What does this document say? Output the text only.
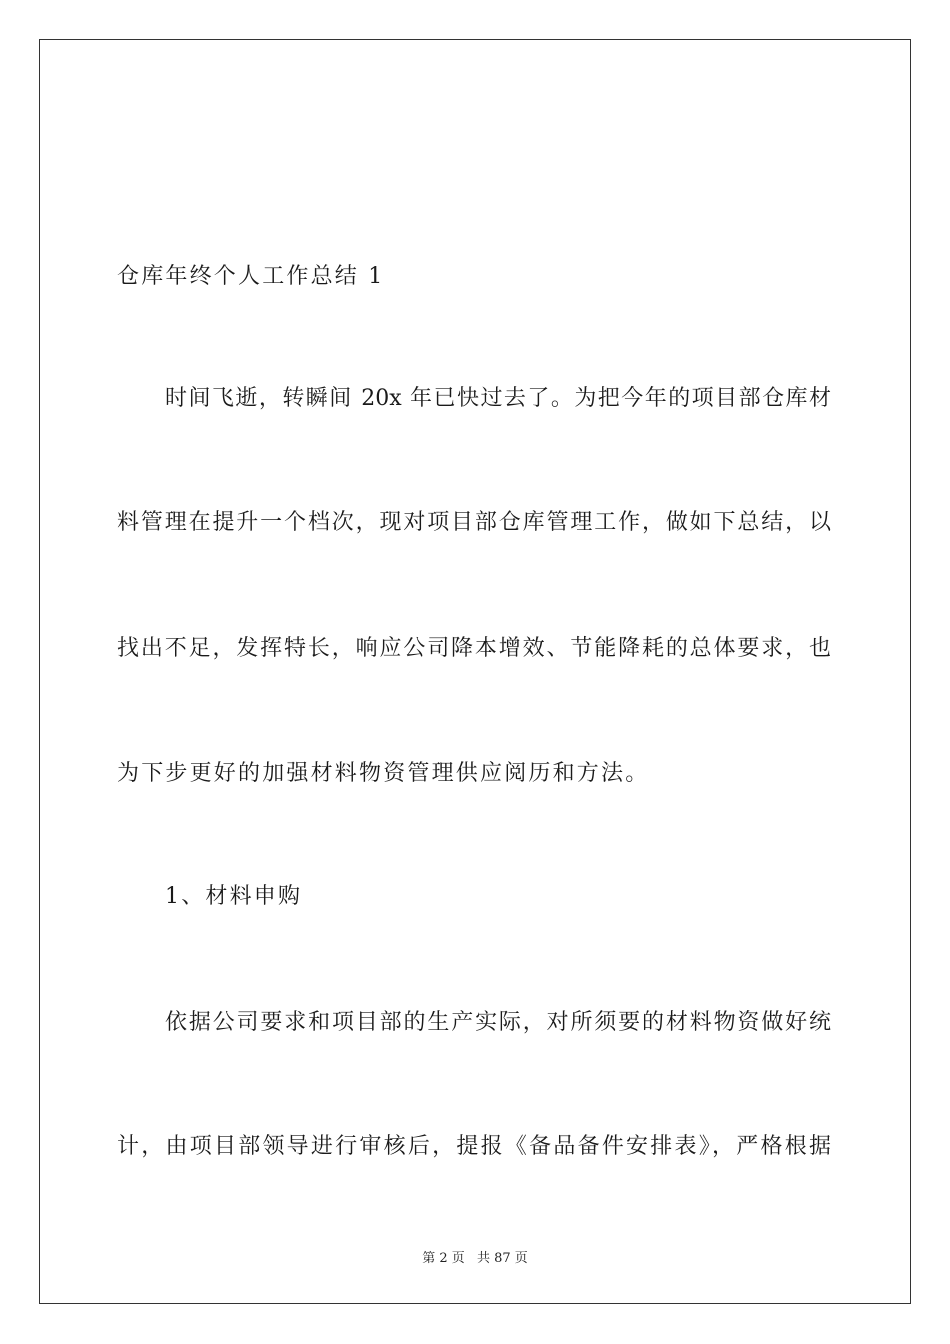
仓库年终个人工作总结 1
时间飞逝，转瞬间 20x 年已快过去了。为把今年的项目部仓库材
料管理在提升一个档次，现对项目部仓库管理工作，做如下总结，以
找出不足，发挥特长，响应公司降本增效、节能降耗的总体要求，也
为下步更好的加强材料物资管理供应阅历和方法。
1、材料申购
依据公司要求和项目部的生产实际，对所须要的材料物资做好统
计，由项目部领导进行审核后，提报《备品备件安排表》，严格根据
第 2 页 共 87 页
